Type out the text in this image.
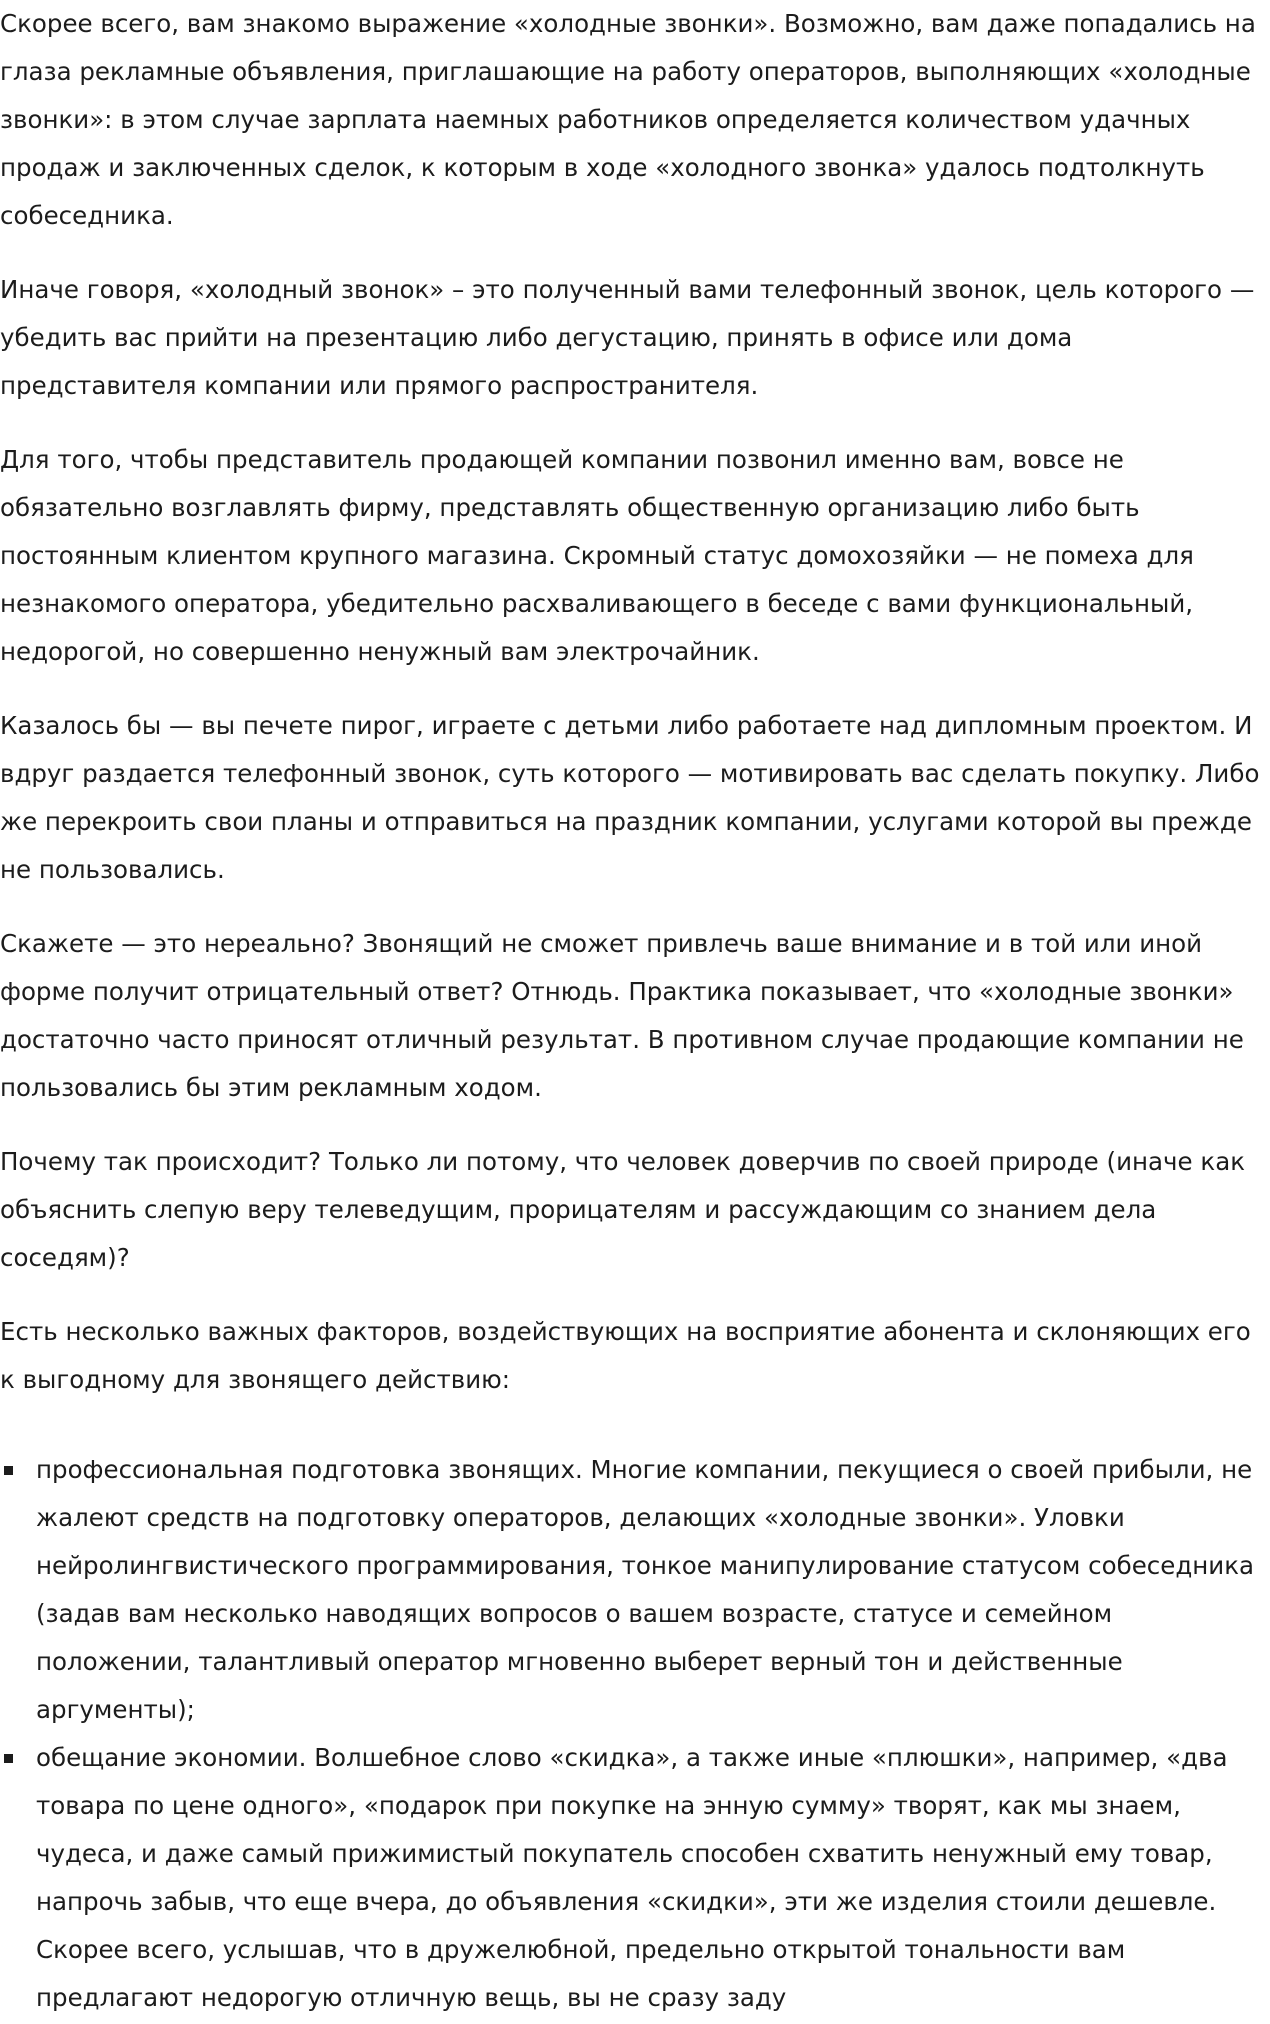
Скорее всего, вам знакомо выражение «холодные звонки». Возможно, вам даже попадались на глаза рекламные объявления, приглашающие на работу операторов, выполняющих «холодные звонки»: в этом случае зарплата наемных работников определяется количеством удачных продаж и заключенных сделок, к которым в ходе «холодного звонка» удалось подтолкнуть собеседника.

Иначе говоря, «холодный звонок» – это полученный вами телефонный звонок, цель которого — убедить вас прийти на презентацию либо дегустацию, принять в офисе или дома представителя компании или прямого распространителя.

Для того, чтобы представитель продающей компании позвонил именно вам, вовсе не обязательно возглавлять фирму, представлять общественную организацию либо быть постоянным клиентом крупного магазина. Скромный статус домохозяйки — не помеха для незнакомого оператора, убедительно расхваливающего в беседе с вами функциональный, недорогой, но совершенно ненужный вам электрочайник.

Казалось бы — вы печете пирог, играете с детьми либо работаете над дипломным проектом. И вдруг раздается телефонный звонок, суть которого — мотивировать вас сделать покупку. Либо же перекроить свои планы и отправиться на праздник компании, услугами которой вы прежде не пользовались.

Скажете — это нереально? Звонящий не сможет привлечь ваше внимание и в той или иной форме получит отрицательный ответ? Отнюдь. Практика показывает, что «холодные звонки» достаточно часто приносят отличный результат. В противном случае продающие компании не пользовались бы этим рекламным ходом.

Почему так происходит? Только ли потому, что человек доверчив по своей природе (иначе как объяснить слепую веру телеведущим, прорицателям и рассуждающим со знанием дела соседям)?

Есть несколько важных факторов, воздействующих на восприятие абонента и склоняющих его к выгодному для звонящего действию:

профессиональная подготовка звонящих. Многие компании, пекущиеся о своей прибыли, не жалеют средств на подготовку операторов, делающих «холодные звонки». Уловки нейролингвистического программирования, тонкое манипулирование статусом собеседника (задав вам несколько наводящих вопросов о вашем возрасте, статусе и семейном положении, талантливый оператор мгновенно выберет верный тон и действенные аргументы);
обещание экономии. Волшебное слово «скидка», а также иные «плюшки», например, «два товара по цене одного», «подарок при покупке на энную сумму» творят, как мы знаем, чудеса, и даже самый прижимистый покупатель способен схватить ненужный ему товар, напрочь забыв, что еще вчера, до объявления «скидки», эти же изделия стоили дешевле. Скорее всего, услышав, что в дружелюбной, предельно открытой тональности вам предлагают недорогую отличную вещь, вы не сразу заду
